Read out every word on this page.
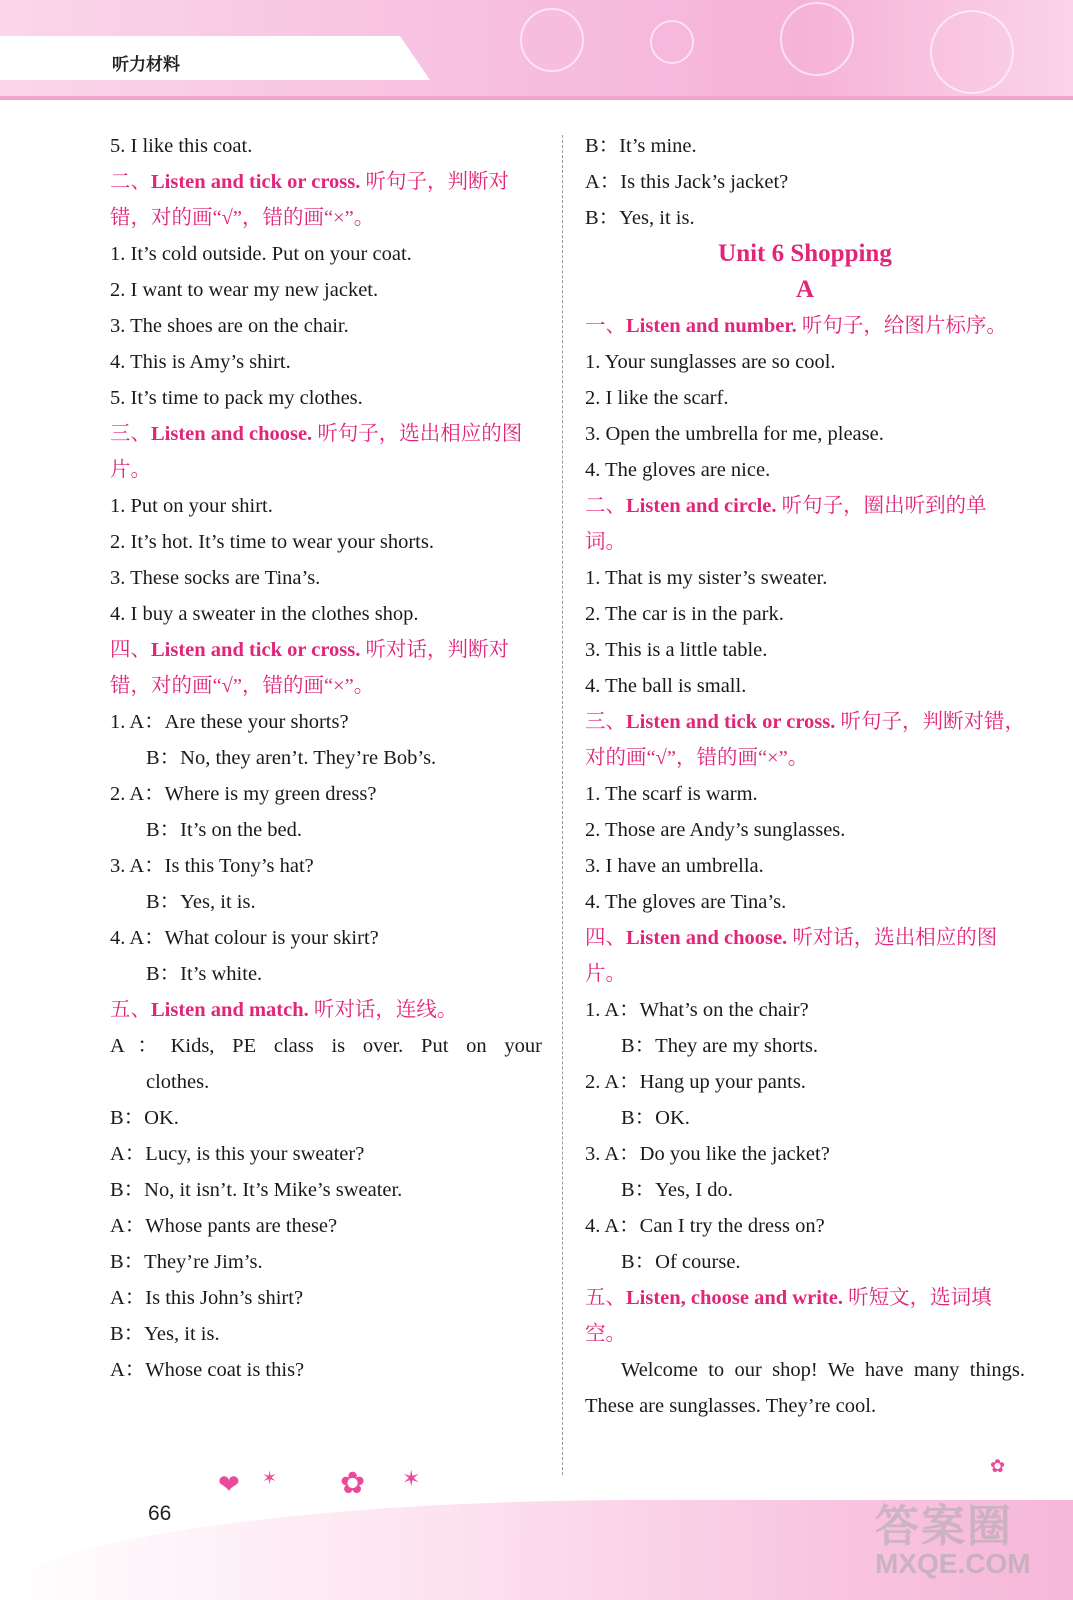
听力材料
5. I like this coat.
二、Listen and tick or cross. 听句子，判断对错，对的画“√”，错的画“×”。
1. It’s cold outside. Put on your coat.
2. I want to wear my new jacket.
3. The shoes are on the chair.
4. This is Amy’s shirt.
5. It’s time to pack my clothes.
三、Listen and choose. 听句子，选出相应的图片。
1. Put on your shirt.
2. It’s hot. It’s time to wear your shorts.
3. These socks are Tina’s.
4. I buy a sweater in the clothes shop.
四、Listen and tick or cross. 听对话，判断对错，对的画“√”，错的画“×”。
1. A：Are these your shorts?
B：No, they aren’t. They’re Bob’s.
2. A：Where is my green dress?
B：It’s on the bed.
3. A：Is this Tony’s hat?
B：Yes, it is.
4. A：What colour is your skirt?
B：It’s white.
五、Listen and match. 听对话，连线。
A：Kids, PE class is over. Put on your
clothes.
B：OK.
A：Lucy, is this your sweater?
B：No, it isn’t. It’s Mike’s sweater.
A：Whose pants are these?
B：They’re Jim’s.
A：Is this John’s shirt?
B：Yes, it is.
A：Whose coat is this?
B：It’s mine.
A：Is this Jack’s jacket?
B：Yes, it is.
Unit 6 Shopping
A
一、Listen and number. 听句子，给图片标序。
1. Your sunglasses are so cool.
2. I like the scarf.
3. Open the umbrella for me, please.
4. The gloves are nice.
二、Listen and circle. 听句子，圈出听到的单词。
1. That is my sister’s sweater.
2. The car is in the park.
3. This is a little table.
4. The ball is small.
三、Listen and tick or cross. 听句子，判断对错，对的画“√”，错的画“×”。
1. The scarf is warm.
2. Those are Andy’s sunglasses.
3. I have an umbrella.
4. The gloves are Tina’s.
四、Listen and choose. 听对话，选出相应的图片。
1. A：What’s on the chair?
B：They are my shorts.
2. A：Hang up your pants.
B：OK.
3. A：Do you like the jacket?
B：Yes, I do.
4. A：Can I try the dress on?
B：Of course.
五、Listen, choose and write. 听短文，选词填空。
Welcome to our shop! We have many things. These are sunglasses. They’re cool.
❤ ✶ ✿ ✶	✿
66	答案圈
MXQE.COM
